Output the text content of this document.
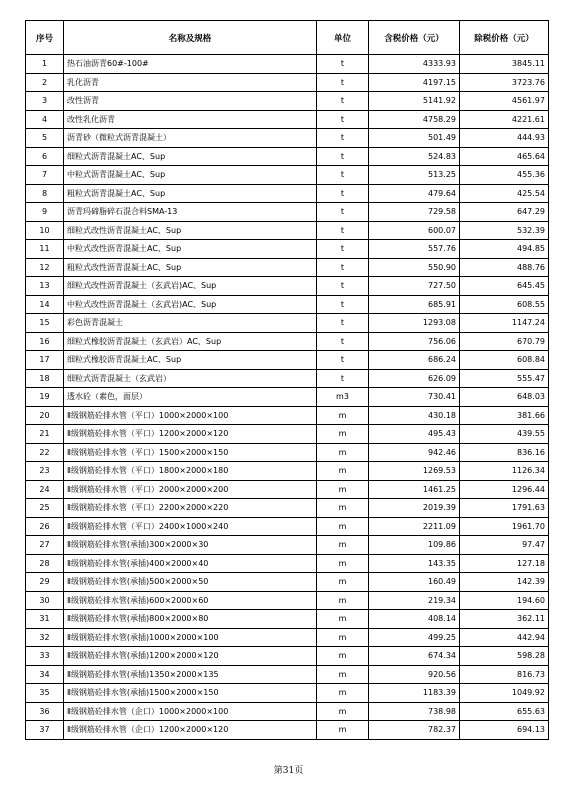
序号	名称及规格	单位	含税价格（元）	除税价格（元）
1	热石油沥青60#-100#	t	4333.93	3845.11
2	乳化沥青	t	4197.15	3723.76
3	改性沥青	t	5141.92	4561.97
4	改性乳化沥青	t	4758.29	4221.61
5	沥青砂（微粒式沥青混凝土）	t	501.49	444.93
6	细粒式沥青混凝土AC、Sup	t	524.83	465.64
7	中粒式沥青混凝土AC、Sup	t	513.25	455.36
8	粗粒式沥青混凝土AC、Sup	t	479.64	425.54
9	沥青玛碲脂碎石混合料SMA-13	t	729.58	647.29
10	细粒式改性沥青混凝土AC、Sup	t	600.07	532.39
11	中粒式改性沥青混凝土AC、Sup	t	557.76	494.85
12	粗粒式改性沥青混凝土AC、Sup	t	550.90	488.76
13	细粒式改性沥青混凝土（玄武岩)AC、Sup	t	727.50	645.45
14	中粒式改性沥青混凝土（玄武岩)AC、Sup	t	685.91	608.55
15	彩色沥青混凝土	t	1293.08	1147.24
16	细粒式橡胶沥青混凝土（玄武岩）AC、Sup	t	756.06	670.79
17	细粒式橡胶沥青混凝土AC、Sup	t	686.24	608.84
18	细粒式沥青混凝土（玄武岩）	t	626.09	555.47
19	透水砼（素色，面层）	m3	730.41	648.03
20	Ⅱ级钢筋砼排水管（平口）1000×2000×100	m	430.18	381.66
21	Ⅱ级钢筋砼排水管（平口）1200×2000×120	m	495.43	439.55
22	Ⅱ级钢筋砼排水管（平口）1500×2000×150	m	942.46	836.16
23	Ⅱ级钢筋砼排水管（平口）1800×2000×180	m	1269.53	1126.34
24	Ⅱ级钢筋砼排水管（平口）2000×2000×200	m	1461.25	1296.44
25	Ⅱ级钢筋砼排水管（平口）2200×2000×220	m	2019.39	1791.63
26	Ⅱ级钢筋砼排水管（平口）2400×1000×240	m	2211.09	1961.70
27	Ⅱ级钢筋砼排水管(承插)300×2000×30	m	109.86	97.47
28	Ⅱ级钢筋砼排水管(承插)400×2000×40	m	143.35	127.18
29	Ⅱ级钢筋砼排水管(承插)500×2000×50	m	160.49	142.39
30	Ⅱ级钢筋砼排水管(承插)600×2000×60	m	219.34	194.60
31	Ⅱ级钢筋砼排水管(承插)800×2000×80	m	408.14	362.11
32	Ⅱ级钢筋砼排水管(承插)1000×2000×100	m	499.25	442.94
33	Ⅱ级钢筋砼排水管(承插)1200×2000×120	m	674.34	598.28
34	Ⅱ级钢筋砼排水管(承插)1350×2000×135	m	920.56	816.73
35	Ⅱ级钢筋砼排水管(承插)1500×2000×150	m	1183.39	1049.92
36	Ⅱ级钢筋砼排水管（企口）1000×2000×100	m	738.98	655.63
37	Ⅱ级钢筋砼排水管（企口）1200×2000×120	m	782.37	694.13
第31页
